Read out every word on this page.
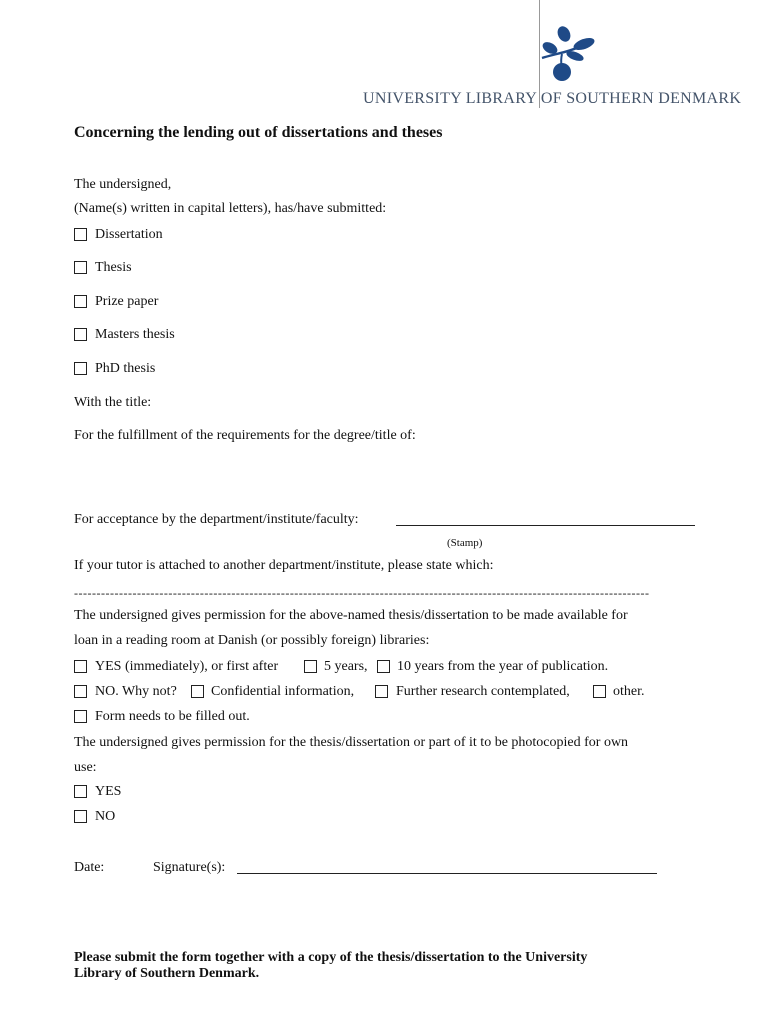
UNIVERSITY LIBRARY OF SOUTHERN DENMARK
Concerning the lending out of dissertations and theses
The undersigned,
(Name(s) written in capital letters), has/have submitted:
Dissertation
Thesis
Prize paper
Masters thesis
PhD thesis
With the title:
For the fulfillment of the requirements for the degree/title of:
For acceptance by the department/institute/faculty:
(Stamp)
If your tutor is attached to another department/institute, please state which:
--------------------------------------------------------------------------------------------------------------------------------
The undersigned gives permission for the above-named thesis/dissertation to be made available for
loan in a reading room at Danish (or possibly foreign) libraries:
YES (immediately), or first after	5 years, 10 years from the year of publication.
NO. Why not? Confidential information,	Further research contemplated,	other.
Form needs to be filled out.
The undersigned gives permission for the thesis/dissertation or part of it to be photocopied for own
use:
YES
NO
Date:	Signature(s):
Please submit the form together with a copy of the thesis/dissertation to the University
Library of Southern Denmark.
